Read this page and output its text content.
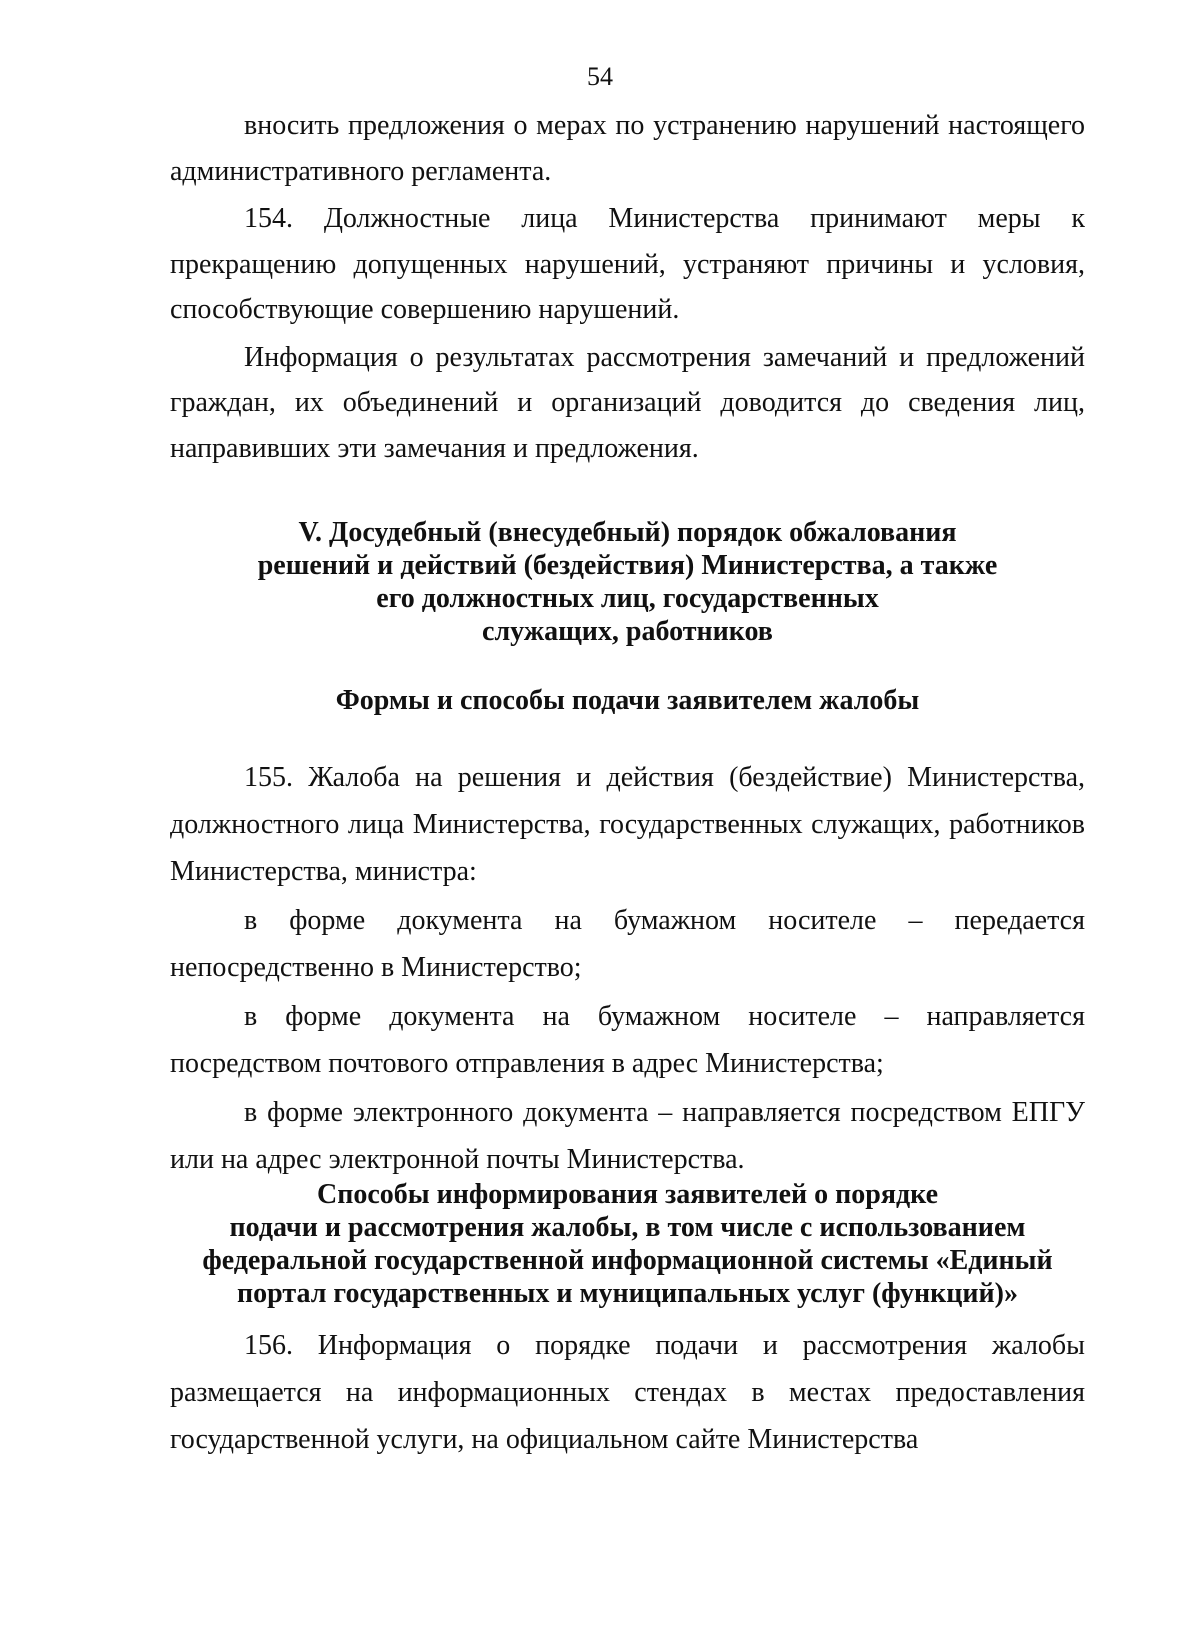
54

вносить предложения о мерах по устранению нарушений настоящего административного регламента.

154. Должностные лица Министерства принимают меры к прекращению допущенных нарушений, устраняют причины и условия, способствующие совершению нарушений.

Информация о результатах рассмотрения замечаний и предложений граждан, их объединений и организаций доводится до сведения лиц, направивших эти замечания и предложения.

V. Досудебный (внесудебный) порядок обжалования
решений и действий (бездействия) Министерства, а также
его должностных лиц, государственных
служащих, работников
Формы и способы подачи заявителем жалобы

155. Жалоба на решения и действия (бездействие) Министерства, должностного лица Министерства, государственных служащих, работников Министерства, министра:

в форме документа на бумажном носителе – передается непосредственно в Министерство;

в форме документа на бумажном носителе – направляется посредством почтового отправления в адрес Министерства;

в форме электронного документа – направляется посредством ЕПГУ или на адрес электронной почты Министерства.

Способы информирования заявителей о порядке
подачи и рассмотрения жалобы, в том числе с использованием
федеральной государственной информационной системы «Единый
портал государственных и муниципальных услуг (функций)»

156. Информация о порядке подачи и рассмотрения жалобы размещается на информационных стендах в местах предоставления государственной услуги, на официальном сайте Министерства
